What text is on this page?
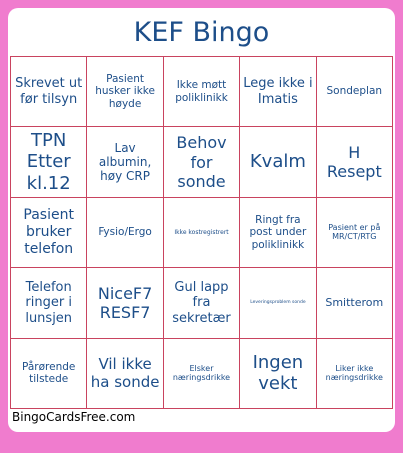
KEF Bingo
Skrevet ut før tilsyn
Pasient husker ikke høyde
Ikke møtt poliklinikk
Lege ikke i Imatis
Sondeplan
TPN Etter kl.12
Lav albumin, høy CRP
Behov for sonde
Kvalm	H Resept
Pasient bruker telefon
Fysio/Ergo	Ikke kostregistrert
Ringt fra post under poliklinikk
Pasient er på MR/CT/RTG
Telefon ringer i lunsjen
NiceF7 RESF7
Gul lapp fra sekretær
Leveringsproblem sonde	Smitterom
Pårørende tilstede
Vil ikke ha sonde
Elsker næringsdrikke
Ingen vekt
Liker ikke næringsdrikke
BingoCardsFree.com
